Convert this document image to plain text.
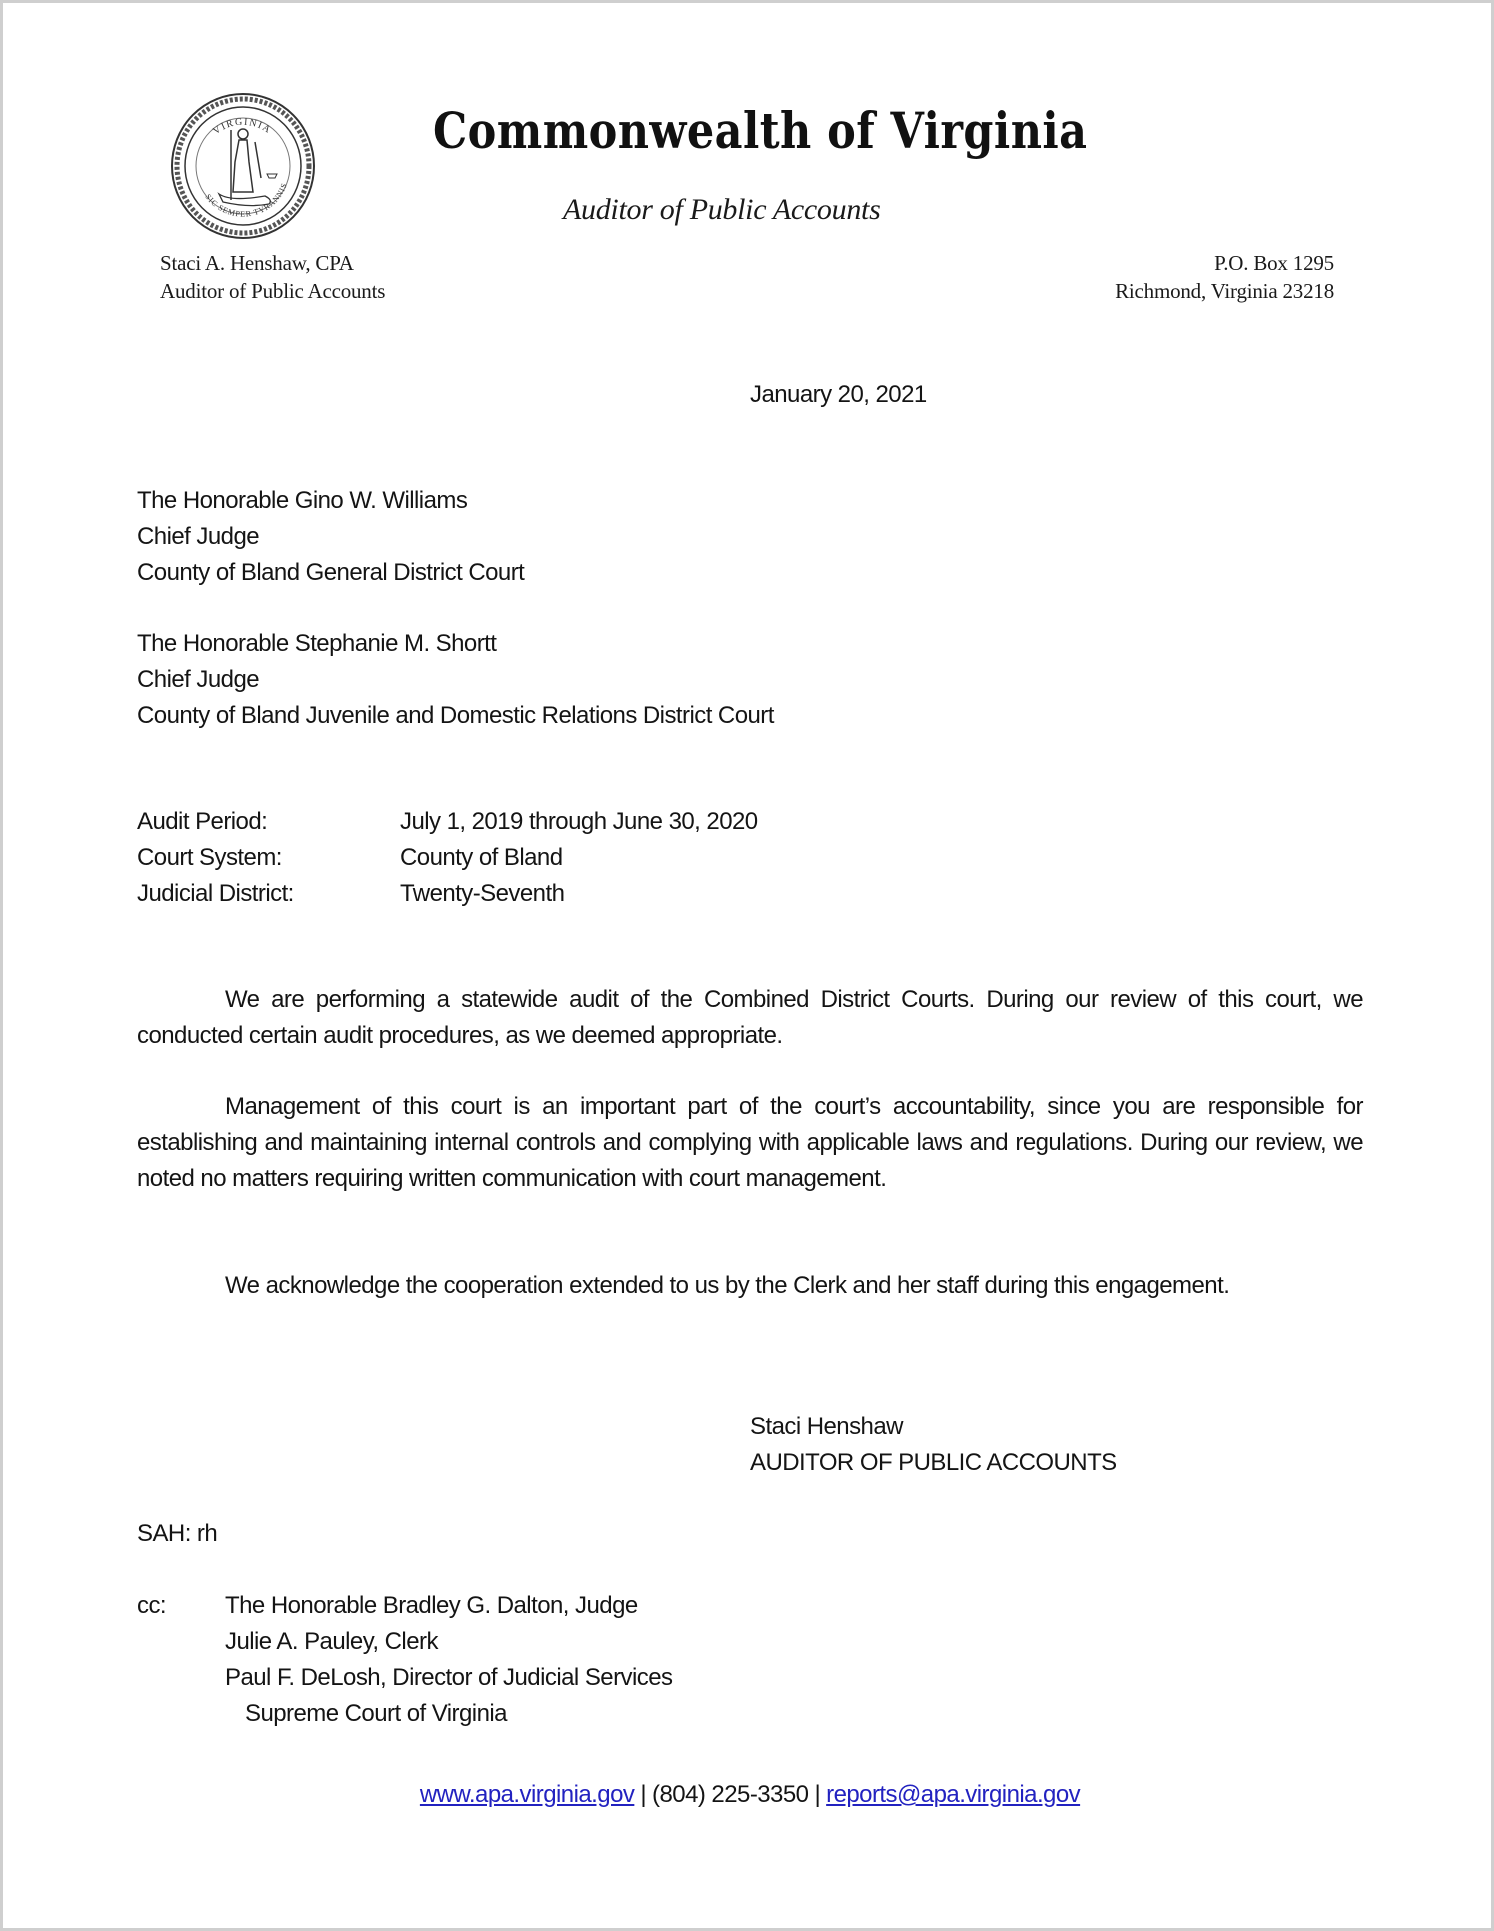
VIRGINIA
SIC SEMPER TYRANNIS
Commonwealth of Virginia
Auditor of Public Accounts
Staci A. Henshaw, CPA
Auditor of Public Accounts
P.O. Box 1295
Richmond, Virginia 23218
January 20, 2021
The Honorable Gino W. Williams
Chief Judge
County of Bland General District Court
The Honorable Stephanie M. Shortt
Chief Judge
County of Bland Juvenile and Domestic Relations District Court
Audit Period:	July 1, 2019 through June 30, 2020
Court System:	County of Bland
Judicial District:	Twenty-Seventh
We are performing a statewide audit of the Combined District Courts. During our review of this court, we conducted certain audit procedures, as we deemed appropriate.
Management of this court is an important part of the court’s accountability, since you are responsible for establishing and maintaining internal controls and complying with applicable laws and regulations. During our review, we noted no matters requiring written communication with court management.
We acknowledge the cooperation extended to us by the Clerk and her staff during this engagement.
Staci Henshaw
AUDITOR OF PUBLIC ACCOUNTS
SAH: rh
cc: The Honorable Bradley G. Dalton, Judge
Julie A. Pauley, Clerk
Paul F. DeLosh, Director of Judicial Services
Supreme Court of Virginia
www.apa.virginia.gov | (804) 225-3350 | reports@apa.virginia.gov
